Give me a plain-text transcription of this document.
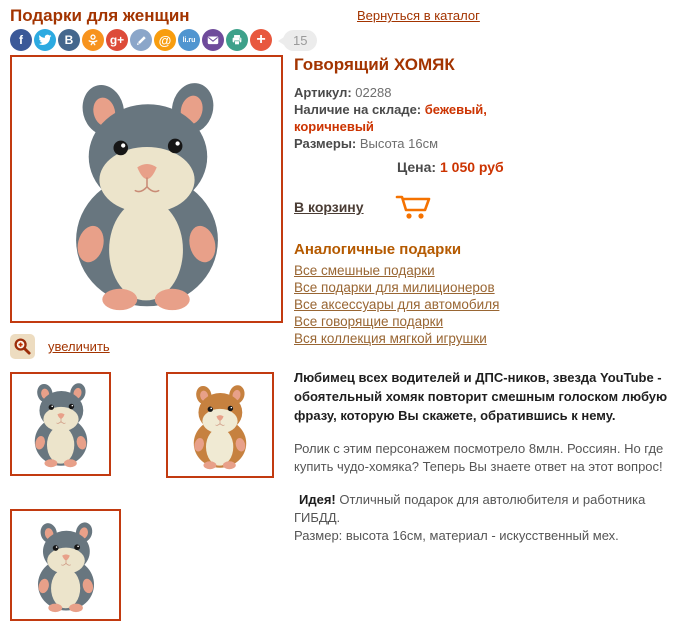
Подарки для женщин	Вернуться в каталог
f	B	g+	@	li.ru	+	15
увеличить
Говорящий ХОМЯК
Артикул: 02288
Наличие на складе: бежевый, коричневый
Размеры: Высота 16см
Цена: 1 050 руб
В корзину
Аналогичные подарки
Все смешные подарки
Все подарки для милиционеров
Все аксессуары для автомобиля
Все говорящие подарки
Вся коллекция мягкой игрушки

Любимец всех водителей и ДПС-ников, звезда YouTube - обоятельный хомяк повторит смешным голоском любую фразу, которую Вы скажете, обратившись к нему.

Ролик с этим персонажем посмотрело 8млн. Россиян. Но где купить чудо-хомяка? Теперь Вы знаете ответ на этот вопрос!

Идея! Отличный подарок для автолюбителя и работника ГИБДД.
Размер: высота 16см, материал - искусственный мех.
